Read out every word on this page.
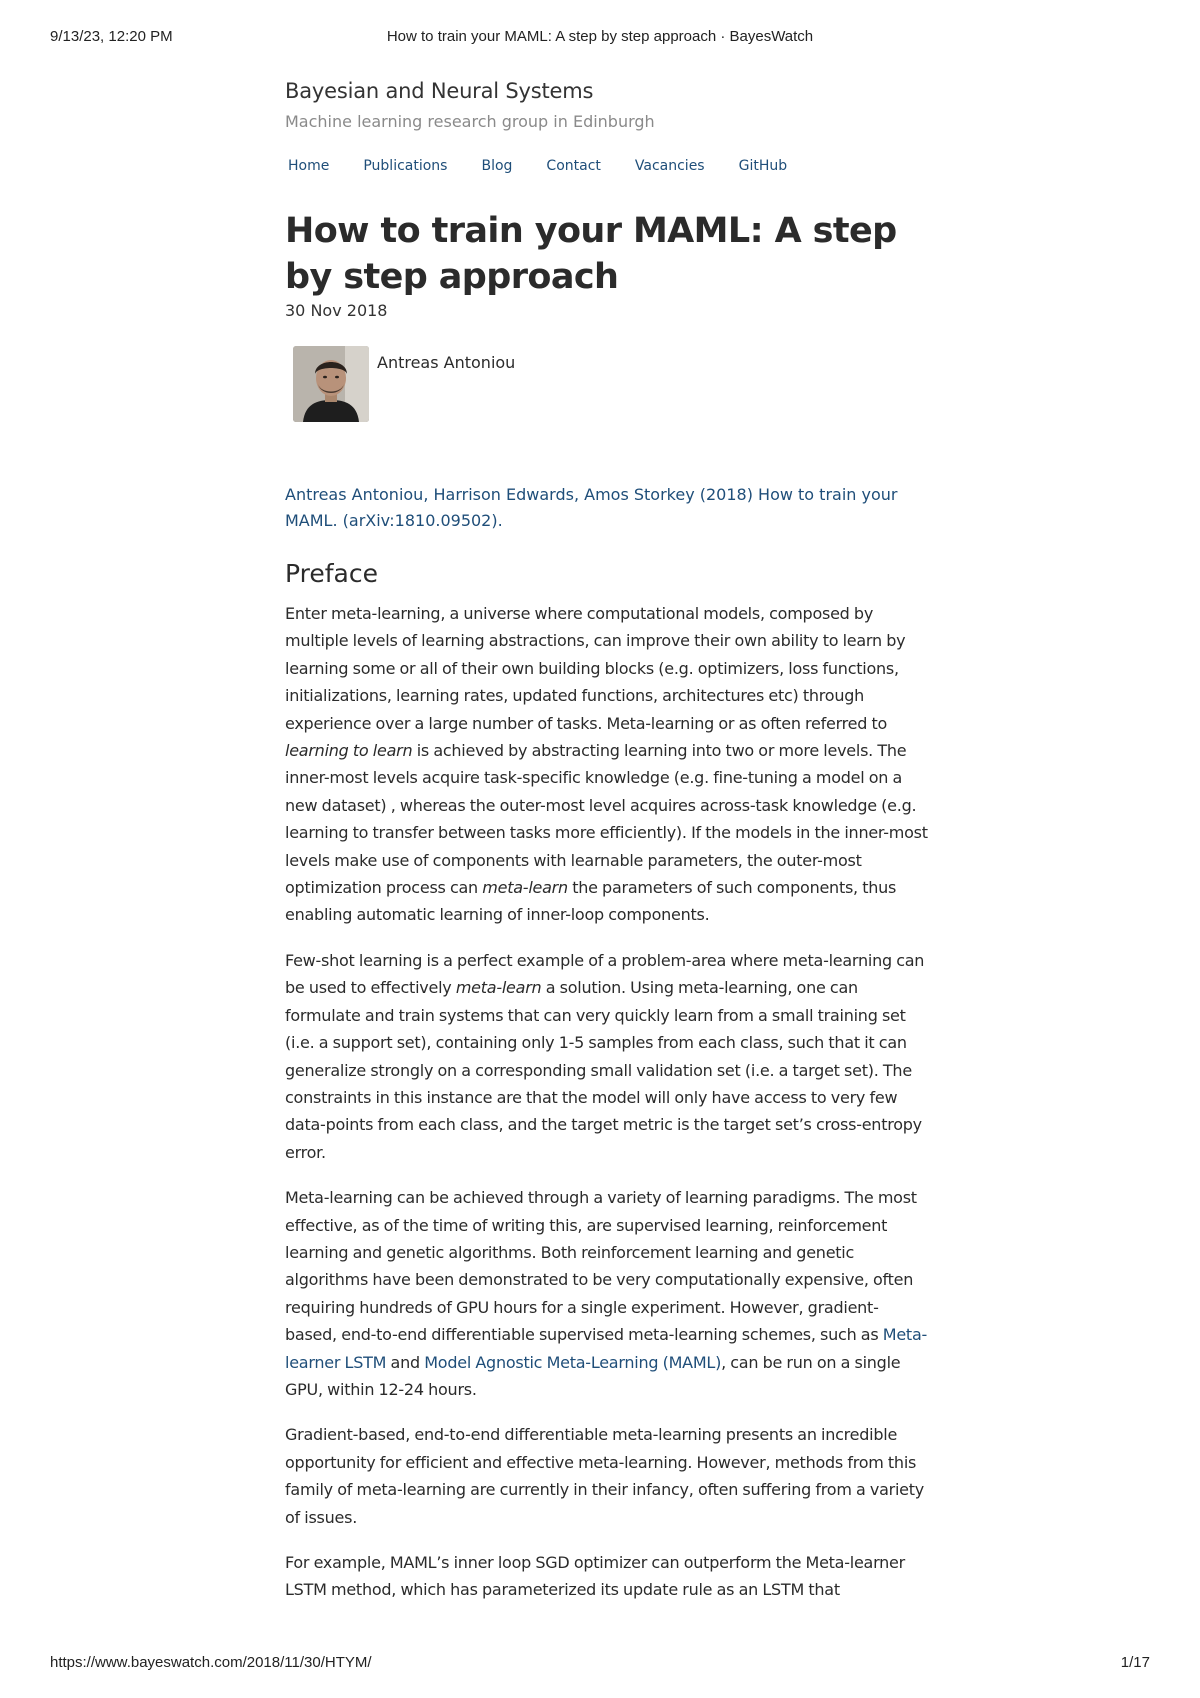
9/13/23, 12:20 PM	How to train your MAML: A step by step approach · BayesWatch
Bayesian and Neural Systems
Machine learning research group in Edinburgh
Home Publications Blog Contact Vacancies GitHub
How to train your MAML: A step by step approach
30 Nov 2018
Antreas Antoniou
Antreas Antoniou, Harrison Edwards, Amos Storkey (2018) How to train your MAML. (arXiv:1810.09502).
Preface

Enter meta-learning, a universe where computational models, composed by multiple levels of learning abstractions, can improve their own ability to learn by learning some or all of their own building blocks (e.g. optimizers, loss functions, initializations, learning rates, updated functions, architectures etc) through experience over a large number of tasks. Meta-learning or as often referred to learning to learn is achieved by abstracting learning into two or more levels. The inner-most levels acquire task-specific knowledge (e.g. fine-tuning a model on a new dataset) , whereas the outer-most level acquires across-task knowledge (e.g. learning to transfer between tasks more efficiently). If the models in the inner-most levels make use of components with learnable parameters, the outer-most optimization process can meta-learn the parameters of such components, thus enabling automatic learning of inner-loop components.

Few-shot learning is a perfect example of a problem-area where meta-learning can be used to effectively meta-learn a solution. Using meta-learning, one can formulate and train systems that can very quickly learn from a small training set (i.e. a support set), containing only 1-5 samples from each class, such that it can generalize strongly on a corresponding small validation set (i.e. a target set). The constraints in this instance are that the model will only have access to very few data-points from each class, and the target metric is the target set’s cross-entropy error.

Meta-learning can be achieved through a variety of learning paradigms. The most effective, as of the time of writing this, are supervised learning, reinforcement learning and genetic algorithms. Both reinforcement learning and genetic algorithms have been demonstrated to be very computationally expensive, often requiring hundreds of GPU hours for a single experiment. However, gradient-based, end-to-end differentiable supervised meta-learning schemes, such as Meta-learner LSTM and Model Agnostic Meta-Learning (MAML), can be run on a single GPU, within 12-24 hours.

Gradient-based, end-to-end differentiable meta-learning presents an incredible opportunity for efficient and effective meta-learning. However, methods from this family of meta-learning are currently in their infancy, often suffering from a variety of issues.

For example, MAML’s inner loop SGD optimizer can outperform the Meta-learner LSTM method, which has parameterized its update rule as an LSTM that

https://www.bayeswatch.com/2018/11/30/HTYM/	1/17
